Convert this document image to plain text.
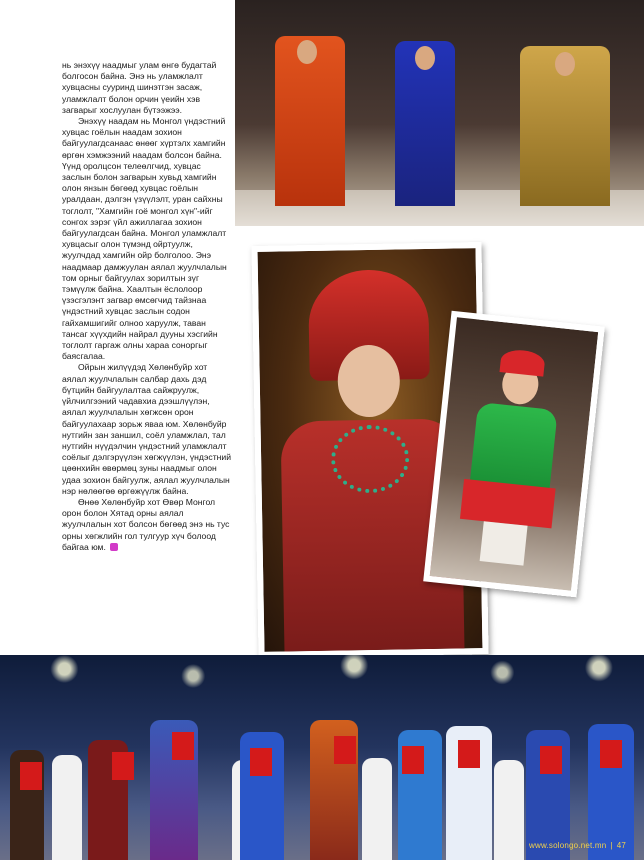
нь энэхүү наадмыг улам өнгө будагтай болгосон байна. Энэ нь уламжлалт хувцасны сууринд шинэтгэн засаж, уламжлалт болон орчин үеийн хэв загварыг хослуулан бүтээжээ.

Энэхүү наадам нь Монгол үндэстний хувцас гоёлын наадам зохион байгуулагдсанаас өнөөг хүртэлх хамгийн өргөн хэмжээний наадам болсон байна. Үүнд оролцсон телеөлгчид, хувцас заслын болон загварын хувьд хамгийн олон янзын бөгөөд хувцас гоёлын уралдаан, дэлгэн үзүүлэлт, уран сайхны тоглолт, "Хамгийн гоё монгол хүн"-ийг сонгох зэрэг үйл ажиллагаа зохион байгуулагдсан байна. Монгол уламжлалт хувцасыг олон түмэнд ойртуулж, жуулчдад хамгийн ойр болголоо. Энэ наадмаар дамжуулан аялал жуулчлалын том орныг байгуулах зорилтын зүг тэмүүлж байна. Хаалтын ёслолоор үзэсгэлэнт загвар өмсөгчид тайзнаа үндэстний хувцас заслын содон гайхамшигийг олноо харуулж, таван тансаг хүүхдийн найрал дууны хэсгийн тоглолт гаргаж олны хараа соноргыг баясгалаа.

Ойрын жилүүдэд Хөлөнбуйр хот аялал жуулчлалын салбар дахь дэд бүтцийн байгуулалтаа сайжруулж, үйлчилгээний чадавхиа дээшлүүлэн, аялал жуулчлалын хөгжсөн орон байгуулахаар зорьж явaa юм. Хөлөнбуйр нутгийн зан заншил, соёл уламжлал, тал нутгийн нүүдэлчин үндэстний уламжлалт соёлыг дэлгэрүүлэн хөгжүүлэн, үндэстний цөөнхийн өвөрмөц зуны наадмыг олон удаа зохион байгуулж, аялал жуулчлалын нэр нөлөөгөө өргөжүүлж байна.

Өнөө Хөлөнбуйр хот Өвөр Монгол орон болон Хятад орны аялал жуулчлалын хот болсон бөгөөд энэ нь тус орны хөгжлийн гол тулгуур хүч болоод байгаа юм.

www.solongo.net.mn | 47
